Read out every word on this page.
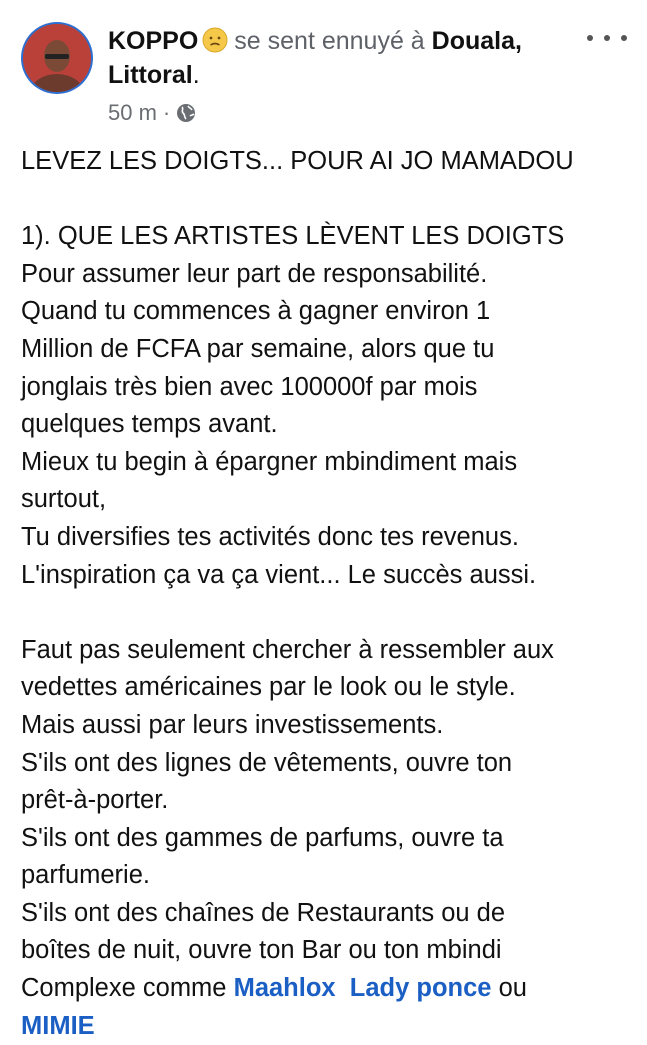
KOPPO se sent ennuyé à Douala,
Littoral.
50 m ·
LEVEZ LES DOIGTS... POUR AI JO MAMADOU
1). QUE LES ARTISTES LÈVENT LES DOIGTS
Pour assumer leur part de responsabilité.
Quand tu commences à gagner environ 1
Million de FCFA par semaine, alors que tu
jonglais très bien avec 100000f par mois
quelques temps avant.
Mieux tu begin à épargner mbindiment mais
surtout,
Tu diversifies tes activités donc tes revenus.
L'inspiration ça va ça vient... Le succès aussi.
Faut pas seulement chercher à ressembler aux
vedettes américaines par le look ou le style.
Mais aussi par leurs investissements.
S'ils ont des lignes de vêtements, ouvre ton
prêt-à-porter.
S'ils ont des gammes de parfums, ouvre ta
parfumerie.
S'ils ont des chaînes de Restaurants ou de
boîtes de nuit, ouvre ton Bar ou ton mbindi
Complexe comme Maahlox Lady ponce ou
MIMIE
